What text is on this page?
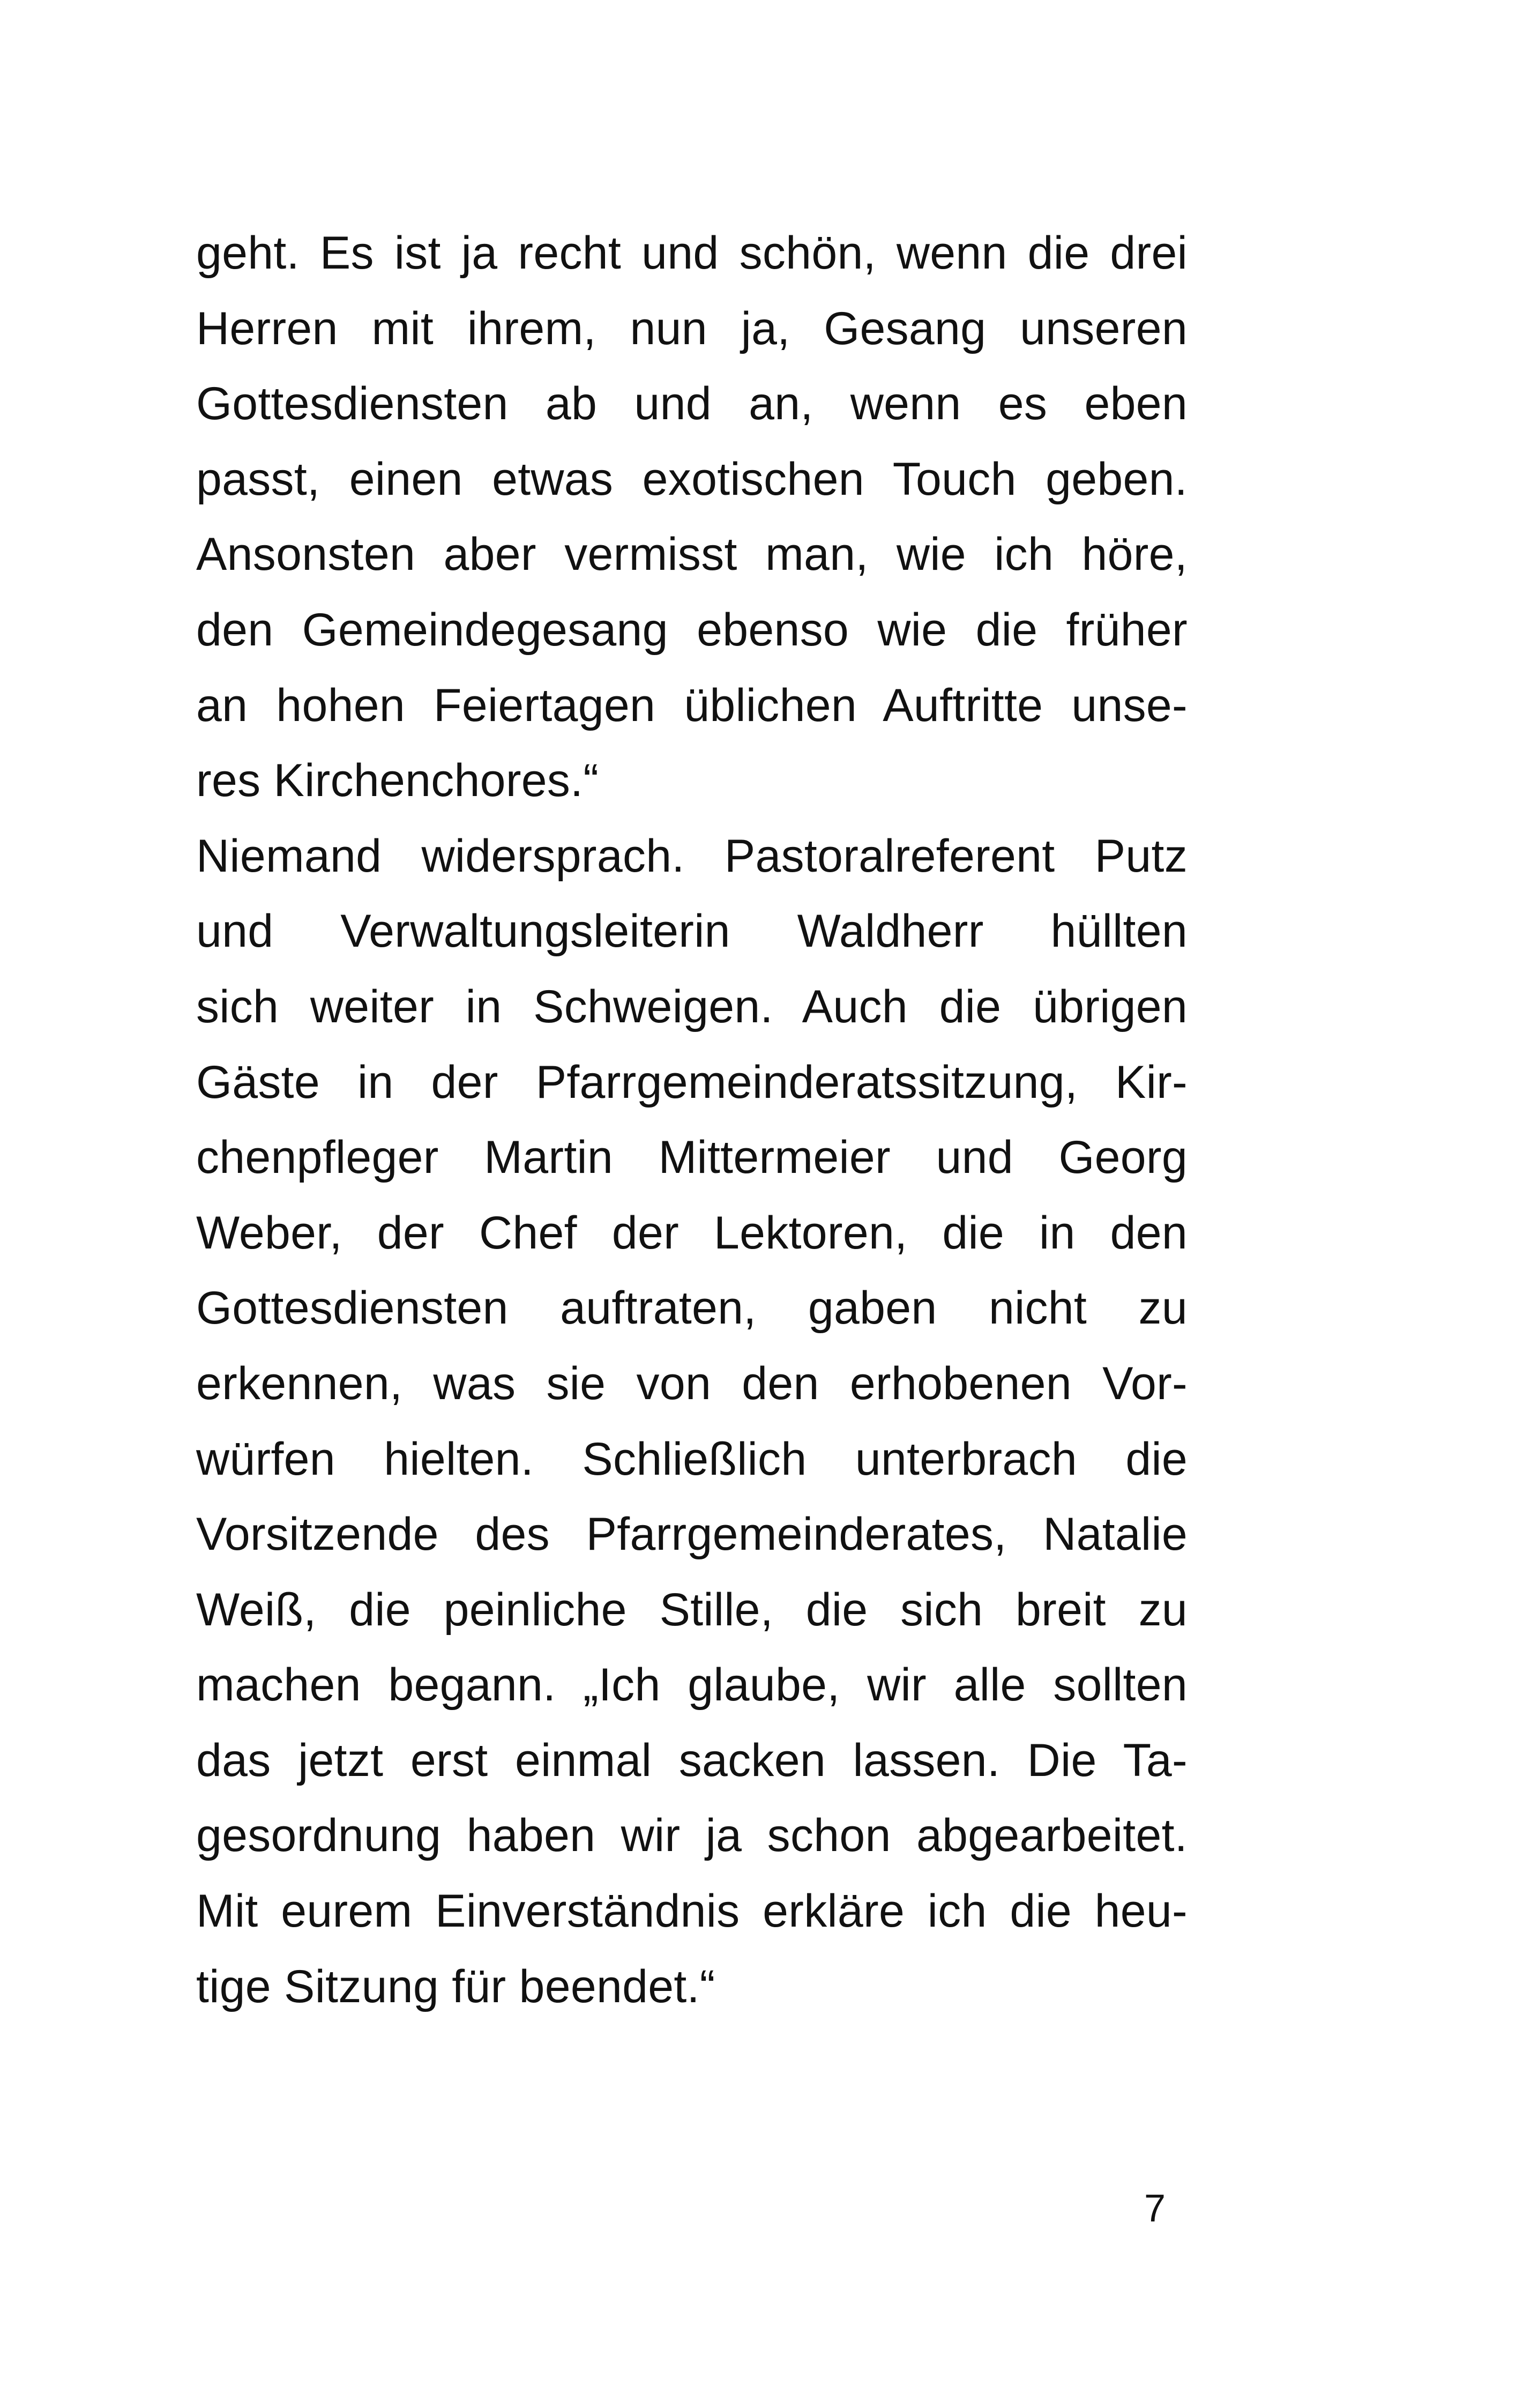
geht. Es ist ja recht und schön, wenn die drei
Herren mit ihrem, nun ja, Gesang unseren
Gottesdiensten ab und an, wenn es eben
passt, einen etwas exotischen Touch geben.
Ansonsten aber vermisst man, wie ich höre,
den Gemeindegesang ebenso wie die früher
an hohen Feiertagen üblichen Auftritte unse-
res Kirchenchores.“
Niemand widersprach. Pastoralreferent Putz
und Verwaltungsleiterin Waldherr hüllten
sich weiter in Schweigen. Auch die übrigen
Gäste in der Pfarrgemeinderatssitzung, Kir-
chenpfleger Martin Mittermeier und Georg
Weber, der Chef der Lektoren, die in den
Gottesdiensten auftraten, gaben nicht zu
erkennen, was sie von den erhobenen Vor-
würfen hielten. Schließlich unterbrach die
Vorsitzende des Pfarrgemeinderates, Natalie
Weiß, die peinliche Stille, die sich breit zu
machen begann. „Ich glaube, wir alle sollten
das jetzt erst einmal sacken lassen. Die Ta-
gesordnung haben wir ja schon abgearbeitet.
Mit eurem Einverständnis erkläre ich die heu-
tige Sitzung für beendet.“
7
